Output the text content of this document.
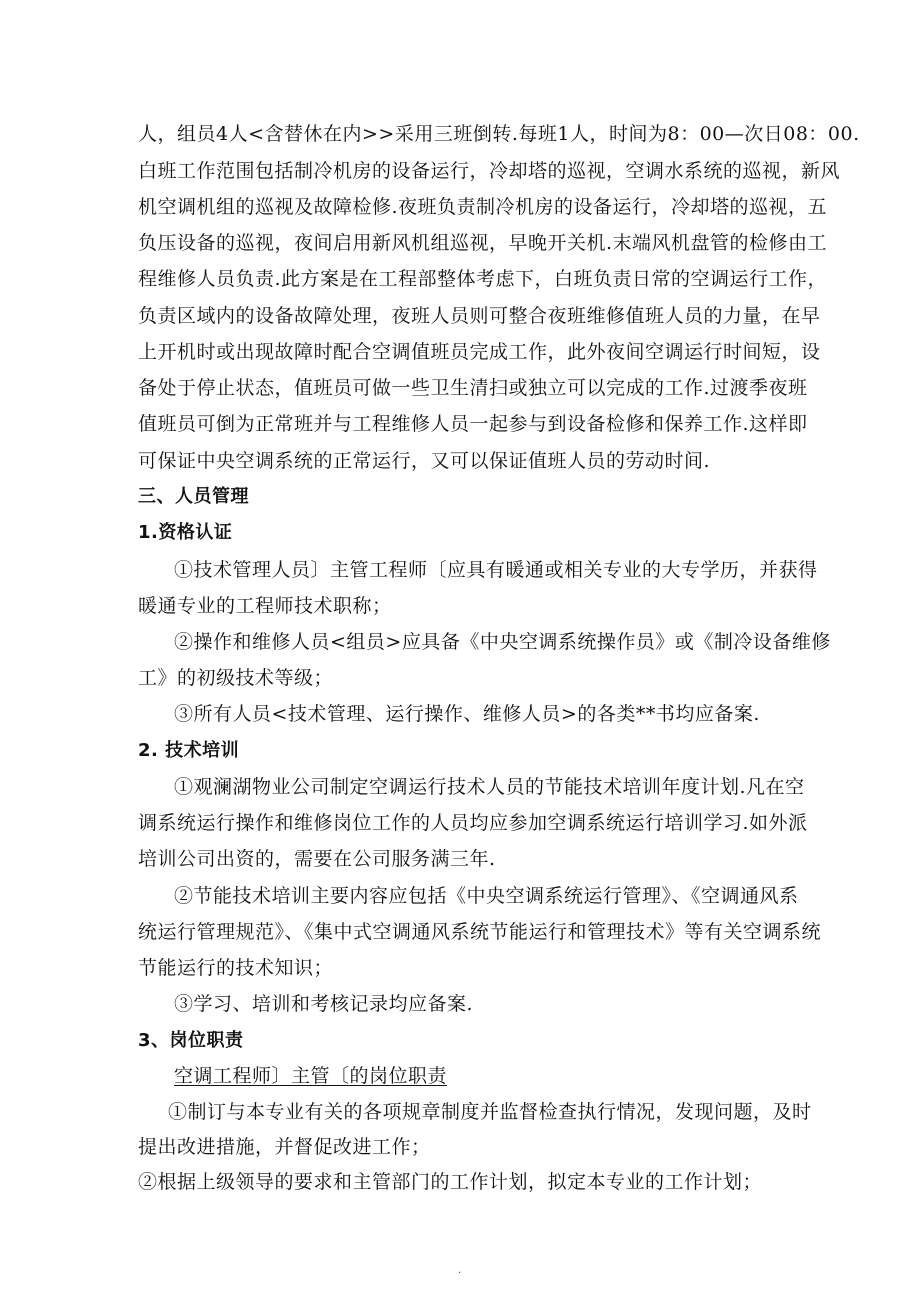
人，组员4人<含替休在内>>采用三班倒转.每班1人，时间为8：00—次日08：00.
白班工作范围包括制冷机房的设备运行，冷却塔的巡视，空调水系统的巡视，新风
机空调机组的巡视及故障检修.夜班负责制冷机房的设备运行，冷却塔的巡视，五
负压设备的巡视，夜间启用新风机组巡视，早晚开关机.末端风机盘管的检修由工
程维修人员负责.此方案是在工程部整体考虑下，白班负责日常的空调运行工作，
负责区域内的设备故障处理，夜班人员则可整合夜班维修值班人员的力量，在早
上开机时或出现故障时配合空调值班员完成工作，此外夜间空调运行时间短，设
备处于停止状态，值班员可做一些卫生清扫或独立可以完成的工作.过渡季夜班
值班员可倒为正常班并与工程维修人员一起参与到设备检修和保养工作.这样即
可保证中央空调系统的正常运行，又可以保证值班人员的劳动时间.
三、人员管理
1.资格认证
①技术管理人员〕主管工程师〔应具有暖通或相关专业的大专学历，并获得
暖通专业的工程师技术职称；
②操作和维修人员<组员>应具备《中央空调系统操作员》或《制冷设备维修
工》的初级技术等级；
③所有人员<技术管理、运行操作、维修人员>的各类**书均应备案.
2. 技术培训
①观澜湖物业公司制定空调运行技术人员的节能技术培训年度计划.凡在空
调系统运行操作和维修岗位工作的人员均应参加空调系统运行培训学习.如外派
培训公司出资的，需要在公司服务满三年.
②节能技术培训主要内容应包括《中央空调系统运行管理》、《空调通风系
统运行管理规范》、《集中式空调通风系统节能运行和管理技术》等有关空调系统
节能运行的技术知识；
③学习、培训和考核记录均应备案.
3、岗位职责
空调工程师〕主管〔的岗位职责
①制订与本专业有关的各项规章制度并监督检查执行情况，发现问题，及时
提出改进措施，并督促改进工作；
②根据上级领导的要求和主管部门的工作计划，拟定本专业的工作计划；
.
